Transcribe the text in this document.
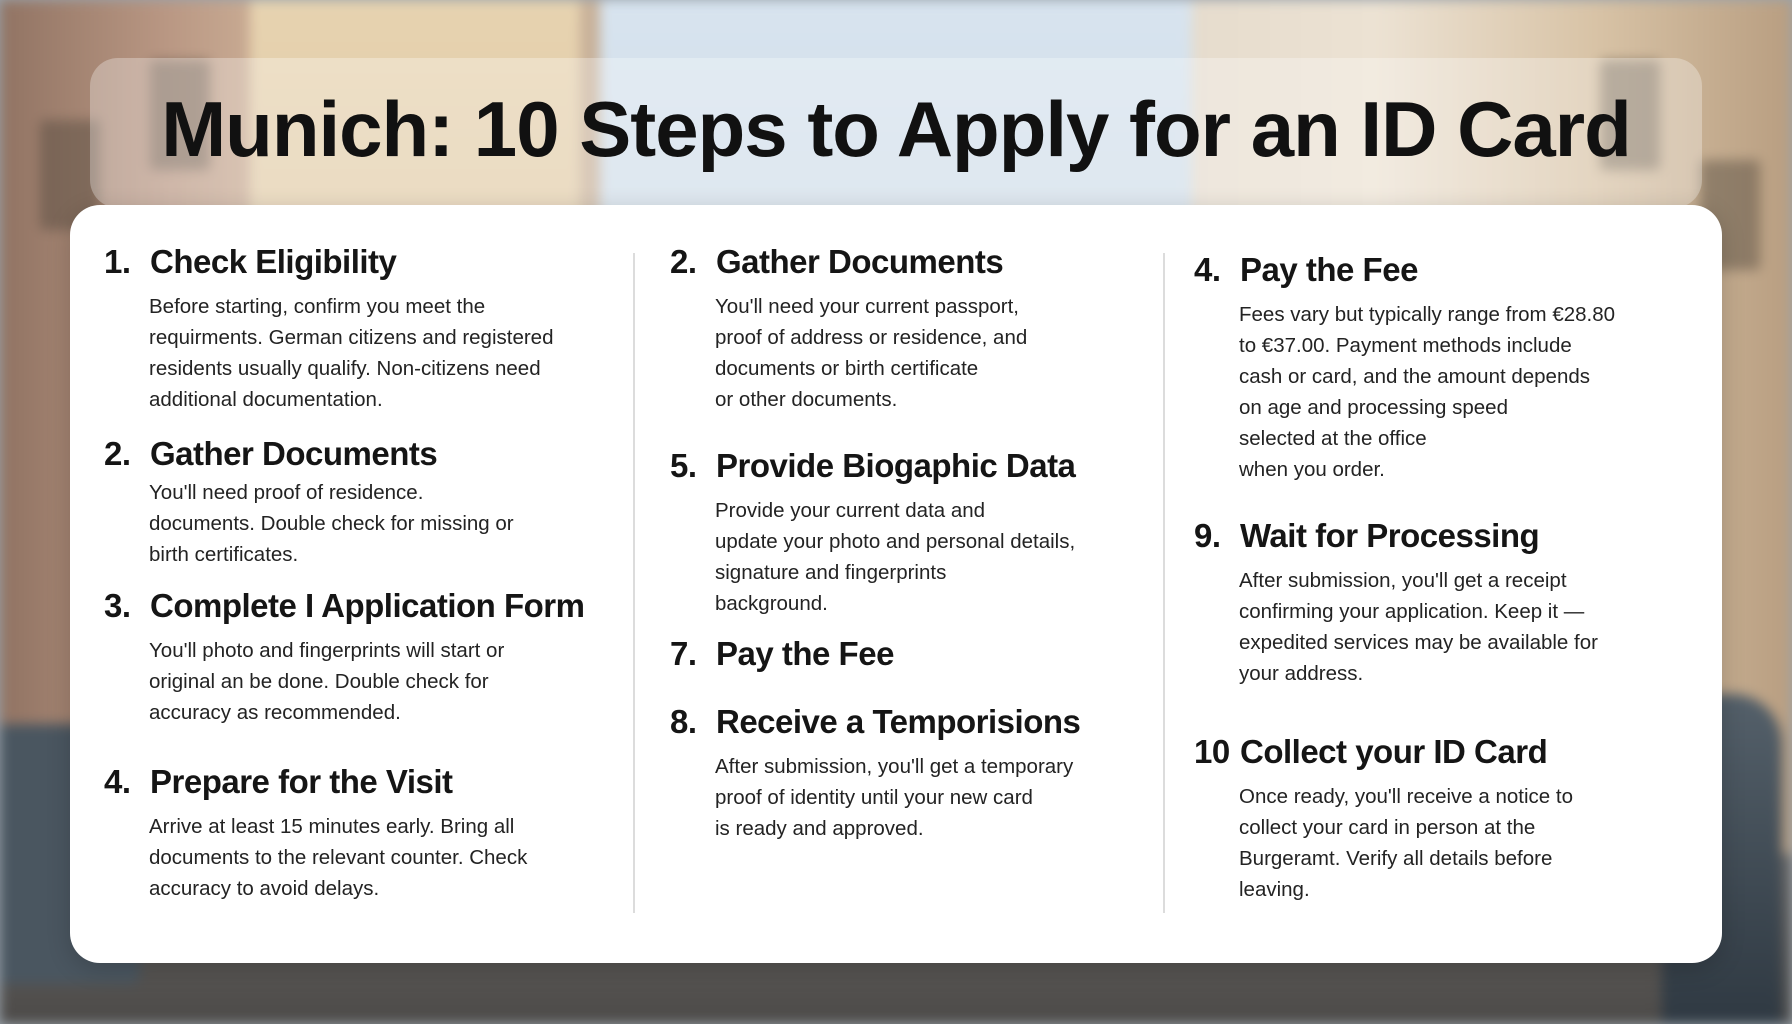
Munich: 10 Steps to Apply for an ID Card
1. Check Eligibility
Before starting, confirm you meet the
requirments. German citizens and registered
residents usually qualify. Non-citizens need
additional documentation.
2. Gather Documents
You'll need proof of residence.
documents. Double check for missing or
birth certificates.
3. Complete I Application Form
You'll photo and fingerprints will start or
original an be done. Double check for
accuracy as recommended.
4. Prepare for the Visit
Arrive at least 15 minutes early. Bring all
documents to the relevant counter. Check
accuracy to avoid delays.
2. Gather Documents
You'll need your current passport,
proof of address or residence, and
documents or birth certificate
or other documents.
5. Provide Biogaphic Data
Provide your current data and
update your photo and personal details,
signature and fingerprints
background.
7. Pay the Fee
8. Receive a Temporisions
After submission, you'll get a temporary
proof of identity until your new card
is ready and approved.
4. Pay the Fee
Fees vary but typically range from €28.80
to €37.00. Payment methods include
cash or card, and the amount depends
on age and processing speed
selected at the office
when you order.
9. Wait for Processing
After submission, you'll get a receipt
confirming your application. Keep it —
expedited services may be available for
your address.
10 Collect your ID Card
Once ready, you'll receive a notice to
collect your card in person at the
Burgeramt. Verify all details before
leaving.
